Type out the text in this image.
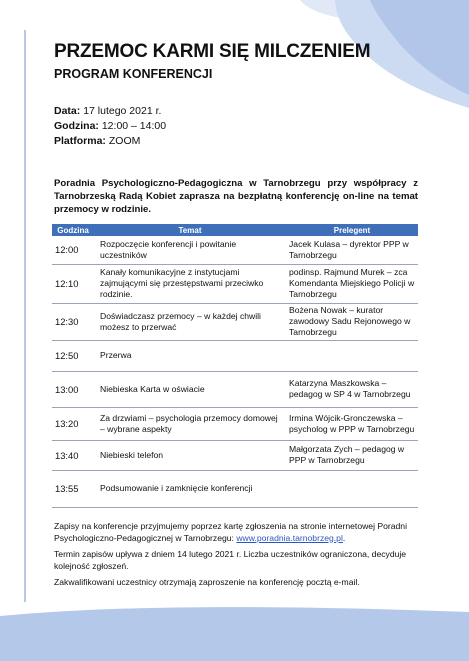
PRZEMOC KARMI SIĘ MILCZENIEM
PROGRAM KONFERENCJI
Data: 17 lutego 2021 r.
Godzina: 12:00 – 14:00
Platforma: ZOOM
Poradnia Psychologiczno-Pedagogiczna w Tarnobrzegu przy współpracy z Tarnobrzeską Radą Kobiet zaprasza na bezpłatną konferencję on-line na temat przemocy w rodzinie.
Godzina	Temat	Prelegent
12:00	Rozpoczęcie konferencji i powitanie uczestników	Jacek Kulasa – dyrektor PPP w Tarnobrzegu
12:10	Kanały komunikacyjne z instytucjami zajmującymi się przestępstwami przeciwko rodzinie.	podinsp. Rajmund Murek – zca Komendanta Miejskiego Policji w Tarnobrzegu
12:30	Doświadczasz przemocy – w każdej chwili możesz to przerwać	Bożena Nowak – kurator zawodowy Sadu Rejonowego w Tarnobrzegu
12:50	Przerwa	
13:00	Niebieska Karta w oświacie	Katarzyna Maszkowska – pedagog w SP 4 w Tarnobrzegu
13:20	Za drzwiami – psychologia przemocy domowej – wybrane aspekty	Irmina Wójcik-Gronczewska – psycholog w PPP w Tarnobrzegu
13:40	Niebieski telefon	Małgorzata Zych – pedagog w PPP w Tarnobrzegu
13:55	Podsumowanie i zamknięcie konferencji	

Zapisy na konferencje przyjmujemy poprzez kartę zgłoszenia na stronie internetowej Poradni Psychologiczno-Pedagogicznej w Tarnobrzegu: www.poradnia.tarnobrzeg.pl.

Termin zapisów upływa z dniem 14 lutego 2021 r. Liczba uczestników ograniczona, decyduje kolejność zgłoszeń.

Zakwalifikowani uczestnicy otrzymają zaproszenie na konferencję pocztą e-mail.
